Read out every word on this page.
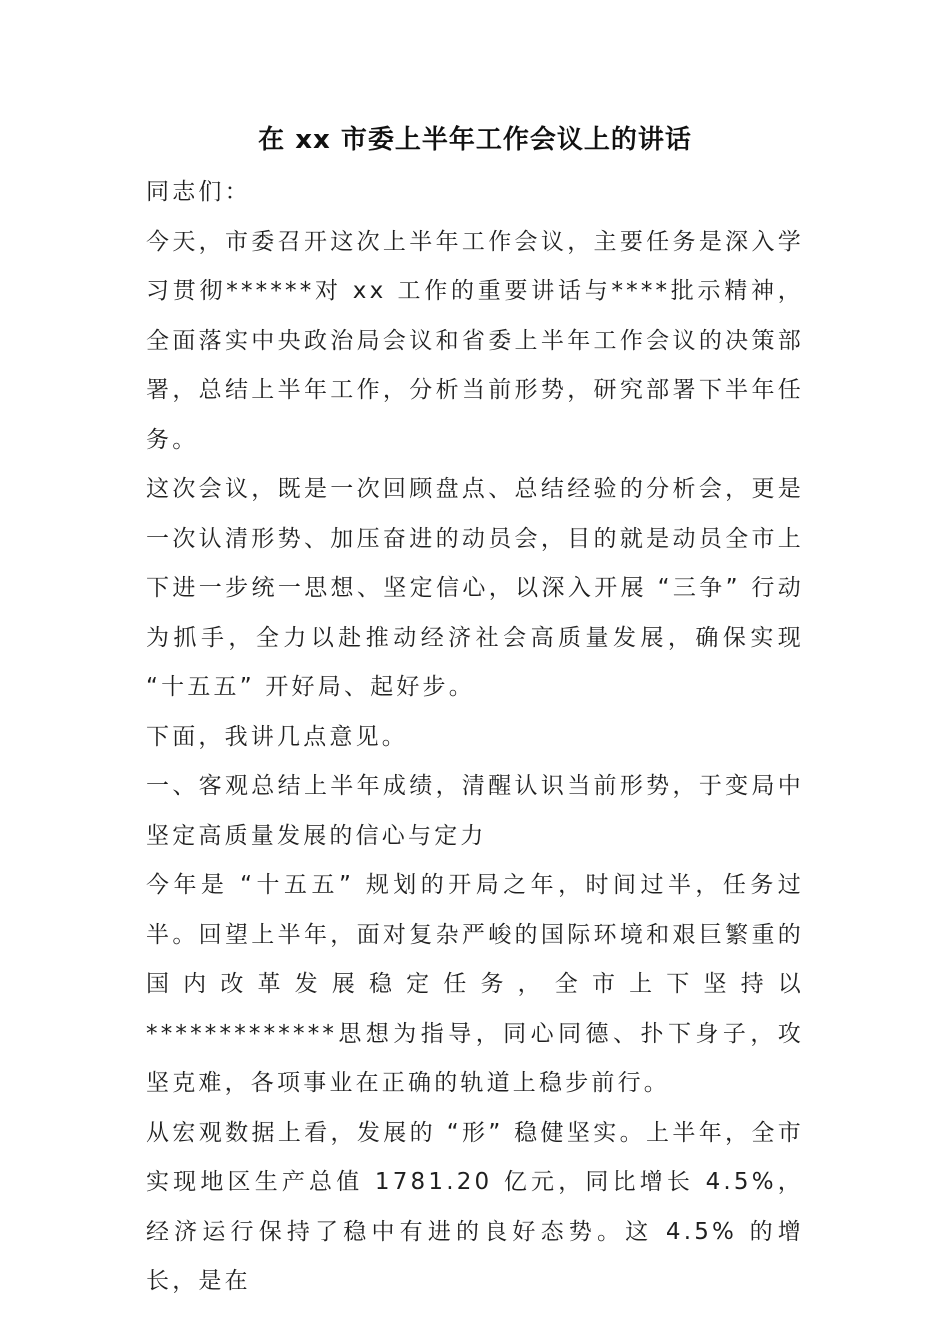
在 xx 市委上半年工作会议上的讲话

同志们：

今天，市委召开这次上半年工作会议，主要任务是深入学习贯彻******对 xx 工作的重要讲话与****批示精神，全面落实中央政治局会议和省委上半年工作会议的决策部署，总结上半年工作，分析当前形势，研究部署下半年任务。

这次会议，既是一次回顾盘点、总结经验的分析会，更是一次认清形势、加压奋进的动员会，目的就是动员全市上下进一步统一思想、坚定信心，以深入开展 “三争” 行动为抓手，全力以赴推动经济社会高质量发展，确保实现 “十五五” 开好局、起好步。

下面，我讲几点意见。

一、客观总结上半年成绩，清醒认识当前形势，于变局中坚定高质量发展的信心与定力

今年是 “十五五” 规划的开局之年，时间过半，任务过半。回望上半年，面对复杂严峻的国际环境和艰巨繁重的国内改革发展稳定任务，全市上下坚持以*************思想为指导，同心同德、扑下身子，攻坚克难，各项事业在正确的轨道上稳步前行。

从宏观数据上看，发展的 “形” 稳健坚实。上半年，全市实现地区生产总值 1781.20 亿元，同比增长 4.5%，经济运行保持了稳中有进的良好态势。这 4.5% 的增长，是在
